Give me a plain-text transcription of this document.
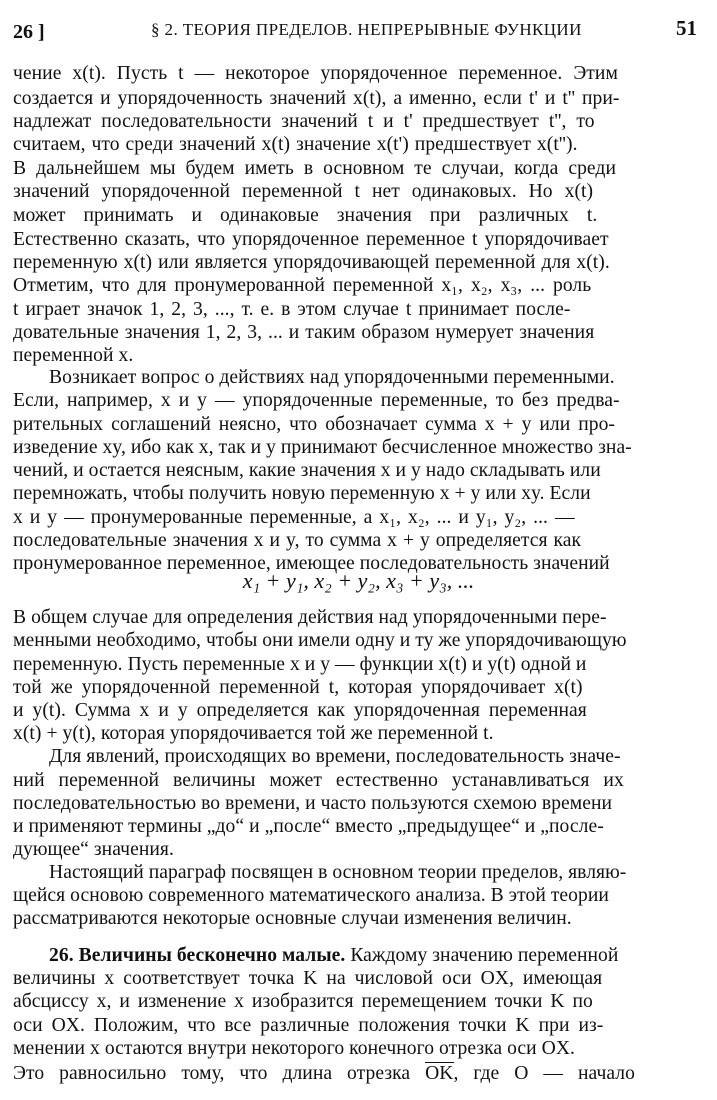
26 ]	§ 2. ТЕОРИЯ ПРЕДЕЛОВ. НЕПРЕРЫВНЫЕ ФУНКЦИИ	51
чение x(t). Пусть t — некоторое упорядоченное переменное. Этим
создается и упорядоченность значений x(t), а именно, если t' и t'' при-
надлежат последовательности значений t и t' предшествует t'', то
считаем, что среди значений x(t) значение x(t') предшествует x(t'').
В дальнейшем мы будем иметь в основном те случаи, когда среди
значений упорядоченной переменной t нет одинаковых. Но x(t)
может принимать и одинаковые значения при различных t.
Естественно сказать, что упорядоченное переменное t упорядочивает
переменную x(t) или является упорядочивающей переменной для x(t).
Отметим, что для пронумерованной переменной x₁, x₂, x₃, ... роль
t играет значок 1, 2, 3, ..., т. е. в этом случае t принимает после-
довательные значения 1, 2, 3, ... и таким образом нумерует значения
переменной x.
Возникает вопрос о действиях над упорядоченными переменными.
Если, например, x и y — упорядоченные переменные, то без предва-
рительных соглашений неясно, что обозначает сумма x + y или про-
изведение xy, ибо как x, так и y принимают бесчисленное множество зна-
чений, и остается неясным, какие значения x и y надо складывать или
перемножать, чтобы получить новую переменную x + y или xy. Если
x и y — пронумерованные переменные, а x₁, x₂, ... и y₁, y₂, ... —
последовательные значения x и y, то сумма x + y определяется как
пронумерованное переменное, имеющее последовательность значений
x₁ + y₁, x₂ + y₂, x₃ + y₃, ...
В общем случае для определения действия над упорядоченными пере-
менными необходимо, чтобы они имели одну и ту же упорядочивающую
переменную. Пусть переменные x и y — функции x(t) и y(t) одной и
той же упорядоченной переменной t, которая упорядочивает x(t)
и y(t). Сумма x и y определяется как упорядоченная переменная
x(t) + y(t), которая упорядочивается той же переменной t.
Для явлений, происходящих во времени, последовательность значе-
ний переменной величины может естественно устанавливаться их
последовательностью во времени, и часто пользуются схемою времени
и применяют термины „до“ и „после“ вместо „предыдущее“ и „после-
дующее“ значения.
Настоящий параграф посвящен в основном теории пределов, являю-
щейся основою современного математического анализа. В этой теории
рассматриваются некоторые основные случаи изменения величин.
26. Величины бесконечно малые. Каждому значению переменной
величины x соответствует точка K на числовой оси OX, имеющая
абсциссу x, и изменение x изобразится перемещением точки K по
оси OX. Положим, что все различные положения точки K при из-
менении x остаются внутри некоторого конечного отрезка оси OX.
Это равносильно тому, что длина отрезка OK, где O — начало
